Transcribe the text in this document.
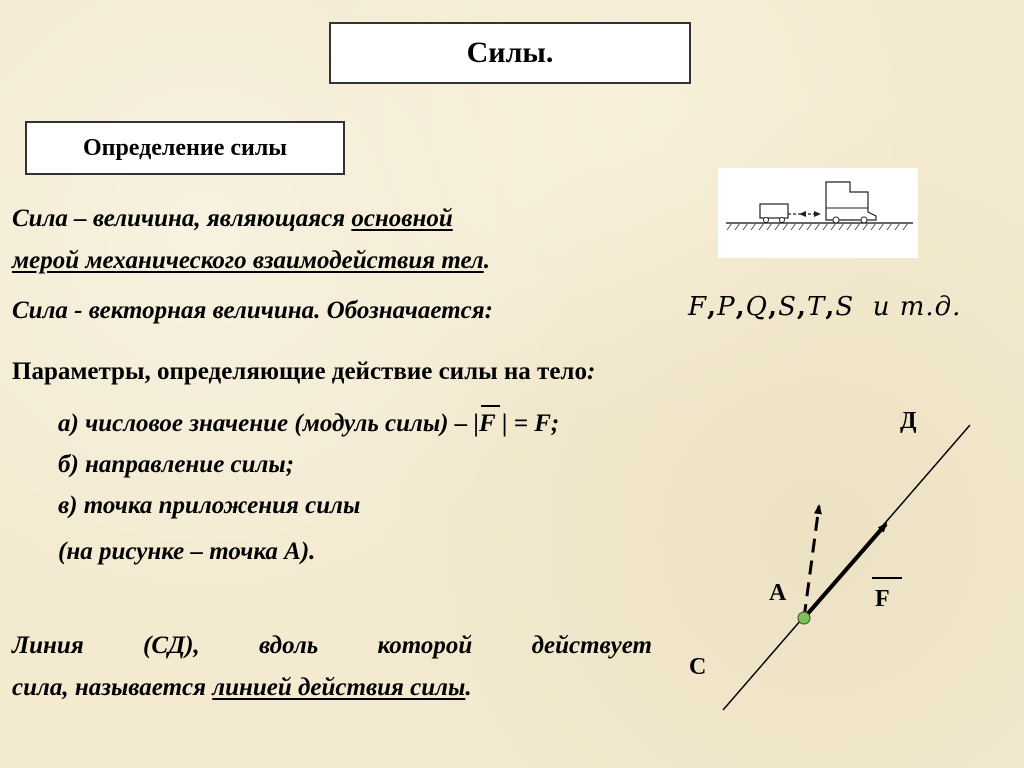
Силы.
Определение силы
Сила – величина, являющаяся основной
мерой механического взаимодействия тел.
Сила - векторная величина. Обозначается:	F,P,Q,S,T,S и т.д.
Параметры, определяющие действие силы на тело:
а) числовое значение (модуль силы) – |F | = F;
б) направление силы;
в) точка приложения силы
(на рисунке – точка А).
Линия (СД), вдоль которой действует
сила, называется линией действия силы.
Д
С
А	F
